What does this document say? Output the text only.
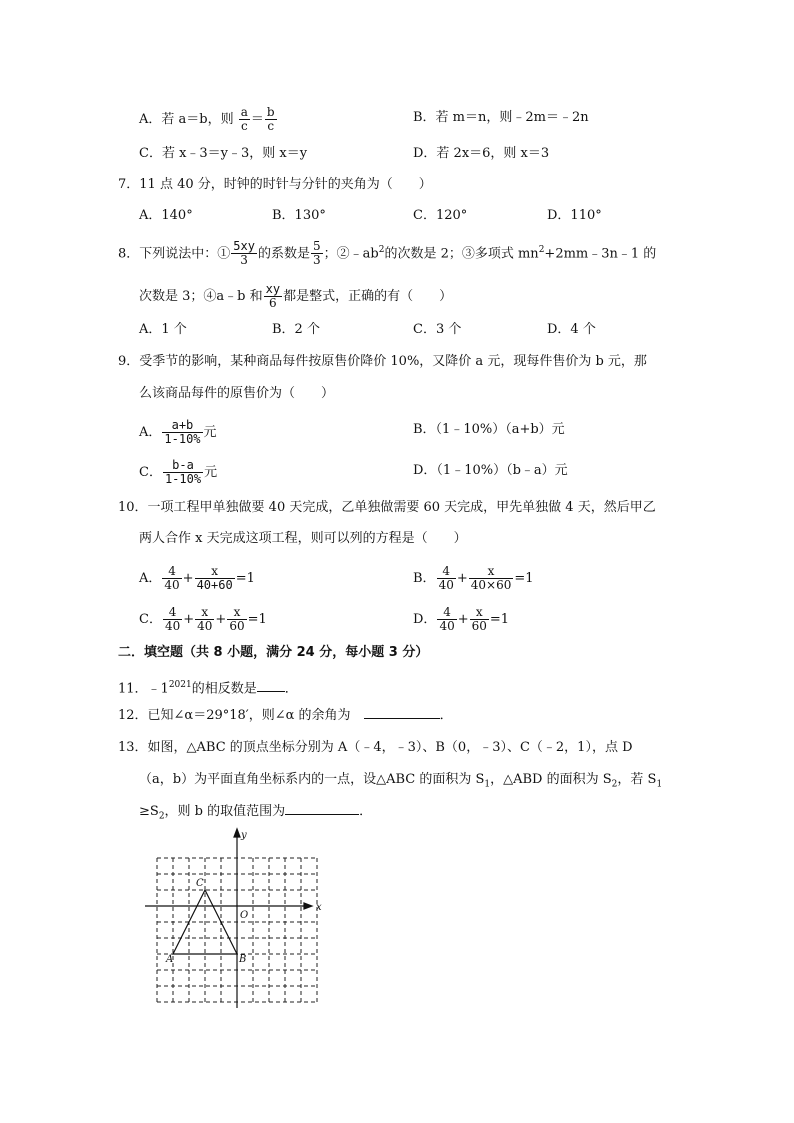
A．若 a＝b，则 $\frac{a}{c} = \frac{b}{c}$	B．若 m＝n，则﹣2m＝﹣2n
C．若 x﹣3＝y﹣3，则 x＝y	D．若 2x＝6，则 x＝3
7．11 点 40 分，时钟的时针与分针的夹角为（　　）
A．140°	B．130°	C．120°	D．110°
8．下列说法中：① $\frac{5xy}{3}$ 的系数是 $\frac{5}{3}$ ；$②﹣ab^2$的次数是 2；③多项式 $mn^2+2mm﹣3n﹣1$ 的
次数是 3；④a﹣b 和 $\frac{xy}{6}$ 都是整式，正确的有（　　）
A．1 个	B．2 个	C．3 个	D．4 个
9．受季节的影响，某种商品每件按原售价降价 10%，又降价 a 元，现每件售价为 b 元，那
么该商品每件的原售价为（　　）
A． $\frac{a+b}{1-10\%}$ 元	B．（1﹣10%）（a+b）元
C． $\frac{b-a}{1-10\%}$ 元	D．（1﹣10%）（b﹣a）元
10．一项工程甲单独做要 40 天完成，乙单独做需要 60 天完成，甲先单独做 4 天，然后甲乙
两人合作 x 天完成这项工程，则可以列的方程是（　　）
A． $\frac{4}{40} + \frac{x}{40+60} =1$	B． $\frac{4}{40} + \frac{x}{40\times 60} =1$
C． $\frac{4}{40} + \frac{x}{40} + \frac{x}{60} =1$	D． $\frac{4}{40} + \frac{x}{60} =1$
二．填空题（共 8 小题，满分 24 分，每小题 3 分）
11．$﹣1^{2021}$的相反数是 ．
12．已知∠α＝29°18′，则∠α 的余角为 	．
13．如图，△ABC 的顶点坐标分别为 A（﹣4，﹣3）、B（0，﹣3）、C（﹣2，1），点 D
（a，b）为平面直角坐标系内的一点，设△ABC 的面积为 $S_1$，△ABD 的面积为 $S_2$，若 $S_1$
$\ge S_2$，则 b 的取值范围为	．
x
y
O
A	B
C
